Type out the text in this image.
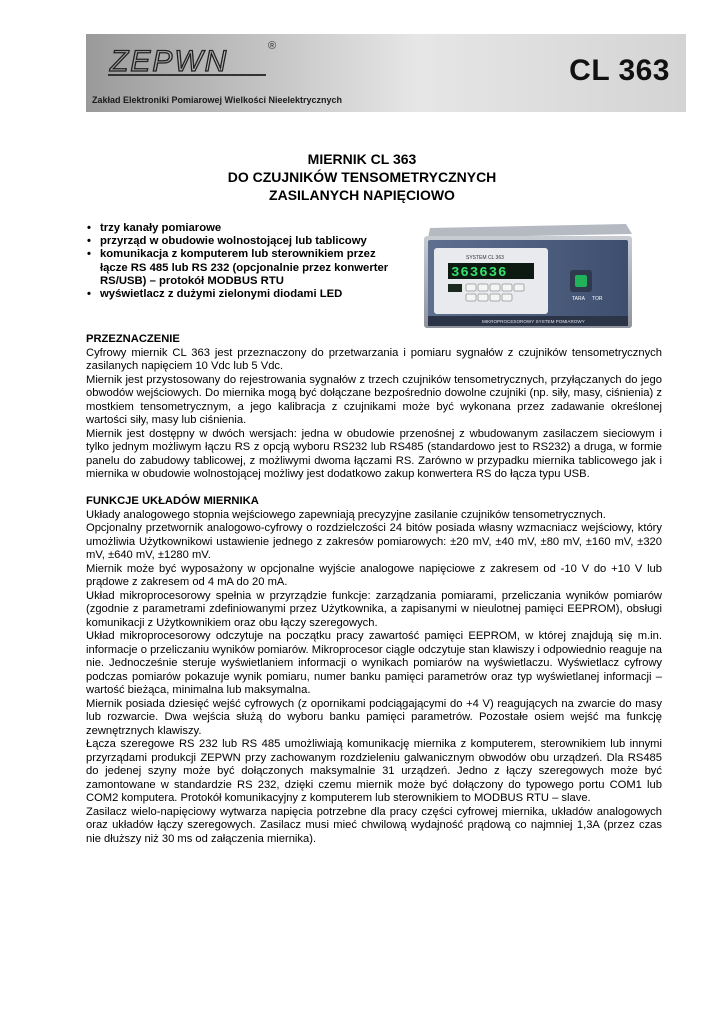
ZEPWN	®
CL 363
Zakład Elektroniki Pomiarowej Wielkości Nieelektrycznych
MIERNIK CL 363
DO CZUJNIKÓW TENSOMETRYCZNYCH
ZASILANYCH NAPIĘCIOWO
• trzy kanały pomiarowe
• przyrząd w obudowie wolnostojącej lub tablicowy
• komunikacja z komputerem lub sterownikiem przez łącze RS 485 lub RS 232 (opcjonalnie przez konwerter RS/USB) – protokół MODBUS RTU
• wyświetlacz z dużymi zielonymi diodami LED
SYSTEM CL 363
363636
TARA TOR
MIKROPROCESOROWY SYSTEM POMIAROWY
PRZEZNACZENIE

Cyfrowy miernik CL 363 jest przeznaczony do przetwarzania i pomiaru sygnałów z czujników tensometrycznych zasilanych napięciem 10 Vdc lub 5 Vdc.

Miernik jest przystosowany do rejestrowania sygnałów z trzech czujników tensometrycznych, przyłączanych do jego obwodów wejściowych. Do miernika mogą być dołączane bezpośrednio dowolne czujniki (np. siły, masy, ciśnienia) z mostkiem tensometrycznym, a jego kalibracja z czujnikami może być wykonana przez zadawanie określonej wartości siły, masy lub ciśnienia.

Miernik jest dostępny w dwóch wersjach: jedna w obudowie przenośnej z wbudowanym zasilaczem sieciowym i tylko jednym możliwym łączu RS z opcją wyboru RS232 lub RS485 (standardowo jest to RS232) a druga, w formie panelu do zabudowy tablicowej, z możliwymi dwoma łączami RS. Zarówno w przypadku miernika tablicowego jak i miernika w obudowie wolnostojącej możliwy jest dodatkowo zakup konwertera RS do łącza typu USB.

FUNKCJE UKŁADÓW MIERNIKA

Układy analogowego stopnia wejściowego zapewniają precyzyjne zasilanie czujników tensometrycznych.

Opcjonalny przetwornik analogowo-cyfrowy o rozdzielczości 24 bitów posiada własny wzmacniacz wejściowy, który umożliwia Użytkownikowi ustawienie jednego z zakresów pomiarowych: ±20 mV, ±40 mV, ±80 mV, ±160 mV, ±320 mV, ±640 mV, ±1280 mV.

Miernik może być wyposażony w opcjonalne wyjście analogowe napięciowe z zakresem od -10 V do +10 V lub prądowe z zakresem od 4 mA do 20 mA.

Układ mikroprocesorowy spełnia w przyrządzie funkcje: zarządzania pomiarami, przeliczania wyników pomiarów (zgodnie z parametrami zdefiniowanymi przez Użytkownika, a zapisanymi w nieulotnej pamięci EEPROM), obsługi komunikacji z Użytkownikiem oraz obu łączy szeregowych.

Układ mikroprocesorowy odczytuje na początku pracy zawartość pamięci EEPROM, w której znajdują się m.in. informacje o przeliczaniu wyników pomiarów. Mikroprocesor ciągle odczytuje stan klawiszy i odpowiednio reaguje na nie. Jednocześnie steruje wyświetlaniem informacji o wynikach pomiarów na wyświetlaczu. Wyświetlacz cyfrowy podczas pomiarów pokazuje wynik pomiaru, numer banku pamięci parametrów oraz typ wyświetlanej informacji – wartość bieżąca, minimalna lub maksymalna.

Miernik posiada dziesięć wejść cyfrowych (z opornikami podciągającymi do +4 V) reagujących na zwarcie do masy lub rozwarcie. Dwa wejścia służą do wyboru banku pamięci parametrów. Pozostałe osiem wejść ma funkcję zewnętrznych klawiszy.

Łącza szeregowe RS 232 lub RS 485 umożliwiają komunikację miernika z komputerem, sterownikiem lub innymi przyrządami produkcji ZEPWN przy zachowanym rozdzieleniu galwanicznym obwodów obu urządzeń. Dla RS485 do jedenej szyny może być dołączonych maksymalnie 31 urządzeń. Jedno z łączy szeregowych może być zamontowane w standardzie RS 232, dzięki czemu miernik może być dołączony do typowego portu COM1 lub COM2 komputera. Protokół komunikacyjny z komputerem lub sterownikiem to MODBUS RTU – slave.

Zasilacz wielo-napięciowy wytwarza napięcia potrzebne dla pracy części cyfrowej miernika, układów analogowych oraz układów łączy szeregowych. Zasilacz musi mieć chwilową wydajność prądową co najmniej 1,3A (przez czas nie dłuższy niż 30 ms od załączenia miernika).
